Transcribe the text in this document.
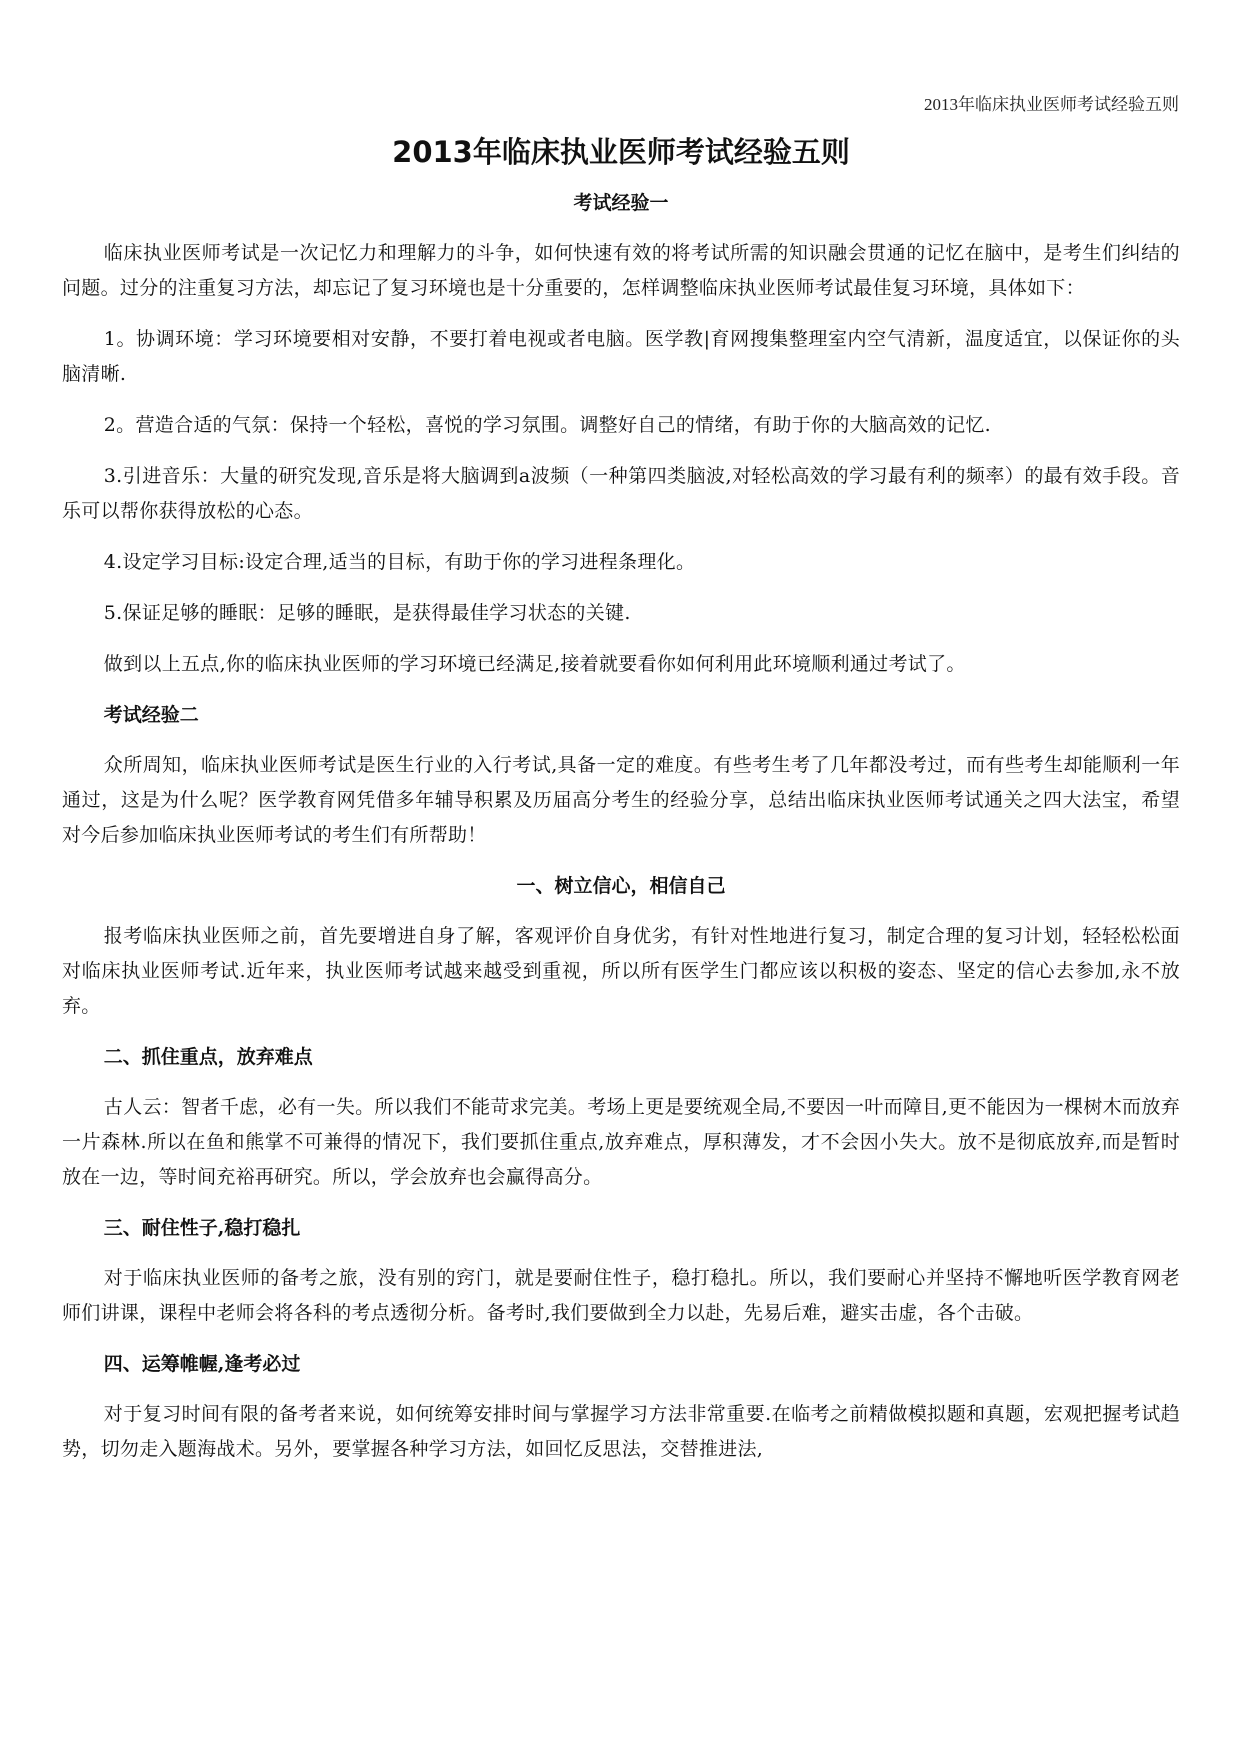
2013年临床执业医师考试经验五则
2013年临床执业医师考试经验五则
考试经验一

临床执业医师考试是一次记忆力和理解力的斗争，如何快速有效的将考试所需的知识融会贯通的记忆在脑中，是考生们纠结的问题。过分的注重复习方法，却忘记了复习环境也是十分重要的，怎样调整临床执业医师考试最佳复习环境，具体如下：

1。协调环境：学习环境要相对安静，不要打着电视或者电脑。医学教|育网搜集整理室内空气清新，温度适宜，以保证你的头脑清晰.

2。营造合适的气氛：保持一个轻松，喜悦的学习氛围。调整好自己的情绪，有助于你的大脑高效的记忆.

3.引进音乐：大量的研究发现,音乐是将大脑调到a波频（一种第四类脑波,对轻松高效的学习最有利的频率）的最有效手段。音乐可以帮你获得放松的心态。

4.设定学习目标:设定合理,适当的目标，有助于你的学习进程条理化。

5.保证足够的睡眠：足够的睡眠，是获得最佳学习状态的关键.

做到以上五点,你的临床执业医师的学习环境已经满足,接着就要看你如何利用此环境顺利通过考试了。

考试经验二

众所周知，临床执业医师考试是医生行业的入行考试,具备一定的难度。有些考生考了几年都没考过，而有些考生却能顺利一年通过，这是为什么呢？医学教育网凭借多年辅导积累及历届高分考生的经验分享，总结出临床执业医师考试通关之四大法宝，希望对今后参加临床执业医师考试的考生们有所帮助！

一、树立信心，相信自己

报考临床执业医师之前，首先要增进自身了解，客观评价自身优劣，有针对性地进行复习，制定合理的复习计划，轻轻松松面对临床执业医师考试.近年来，执业医师考试越来越受到重视，所以所有医学生门都应该以积极的姿态、坚定的信心去参加,永不放弃。

二、抓住重点，放弃难点

古人云：智者千虑，必有一失。所以我们不能苛求完美。考场上更是要统观全局,不要因一叶而障目,更不能因为一棵树木而放弃一片森林.所以在鱼和熊掌不可兼得的情况下，我们要抓住重点,放弃难点，厚积薄发，才不会因小失大。放不是彻底放弃,而是暂时放在一边，等时间充裕再研究。所以，学会放弃也会赢得高分。

三、耐住性子,稳打稳扎

对于临床执业医师的备考之旅，没有别的窍门，就是要耐住性子，稳打稳扎。所以，我们要耐心并坚持不懈地听医学教育网老师们讲课，课程中老师会将各科的考点透彻分析。备考时,我们要做到全力以赴，先易后难，避实击虚，各个击破。

四、运筹帷幄,逢考必过

对于复习时间有限的备考者来说，如何统筹安排时间与掌握学习方法非常重要.在临考之前精做模拟题和真题，宏观把握考试趋势，切勿走入题海战术。另外，要掌握各种学习方法，如回忆反思法，交替推进法,
